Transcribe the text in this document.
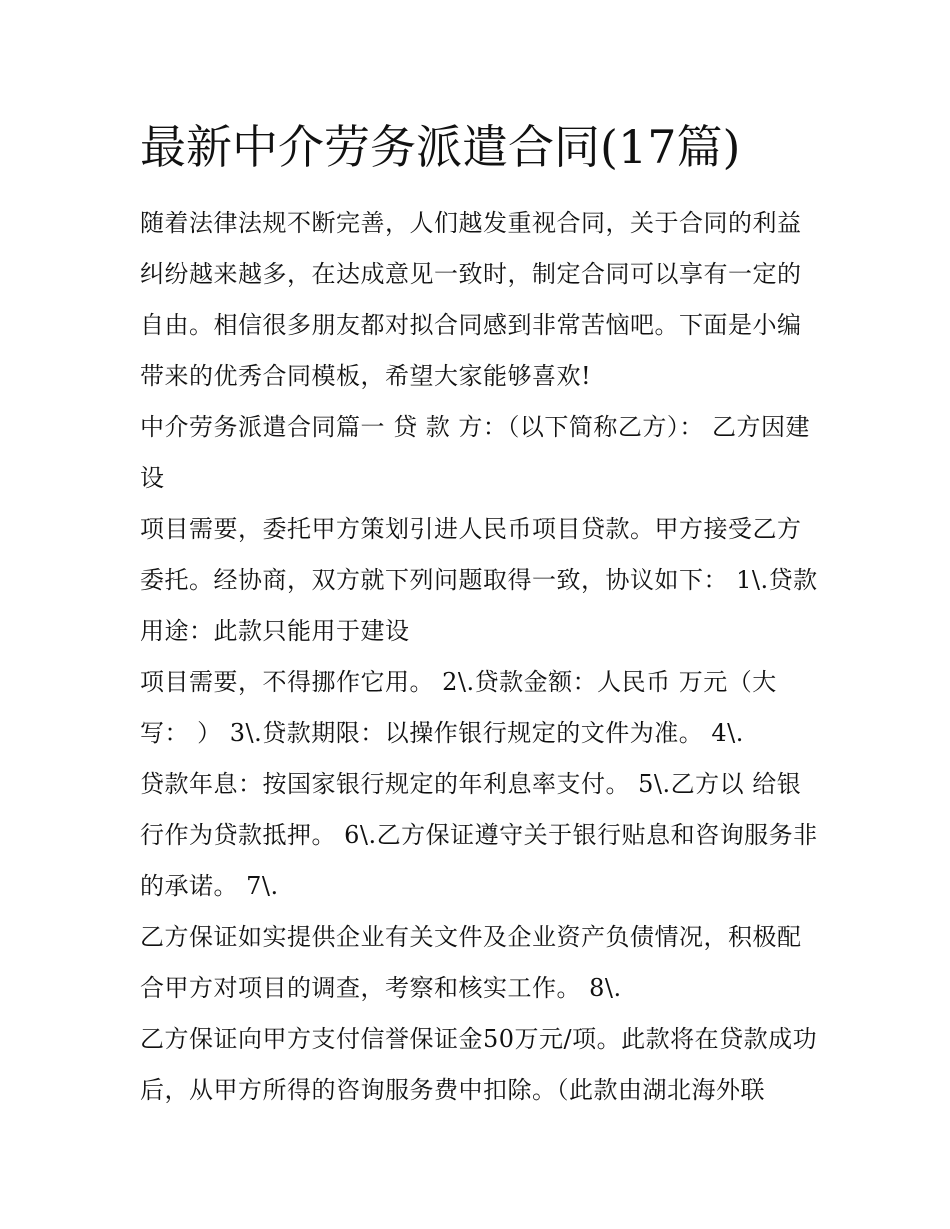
最新中介劳务派遣合同(17篇)

随着法律法规不断完善，人们越发重视合同，关于合同的利益纠纷越来越多，在达成意见一致时，制定合同可以享有一定的自由。相信很多朋友都对拟合同感到非常苦恼吧。下面是小编带来的优秀合同模板，希望大家能够喜欢!

中介劳务派遣合同篇一 贷 款 方：（以下简称乙方）： 乙方因建设

项目需要，委托甲方策划引进人民币项目贷款。甲方接受乙方委托。经协商，双方就下列问题取得一致，协议如下： 1\.贷款用途：此款只能用于建设

项目需要，不得挪作它用。 2\.贷款金额：人民币 万元（大写： ） 3\.贷款期限：以操作银行规定的文件为准。 4\.

贷款年息：按国家银行规定的年利息率支付。 5\.乙方以 给银行作为贷款抵押。 6\.乙方保证遵守关于银行贴息和咨询服务非的承诺。 7\.

乙方保证如实提供企业有关文件及企业资产负债情况，积极配合甲方对项目的调查，考察和核实工作。 8\.

乙方保证向甲方支付信誉保证金50万元/项。此款将在贷款成功后，从甲方所得的咨询服务费中扣除。（此款由湖北海外联
